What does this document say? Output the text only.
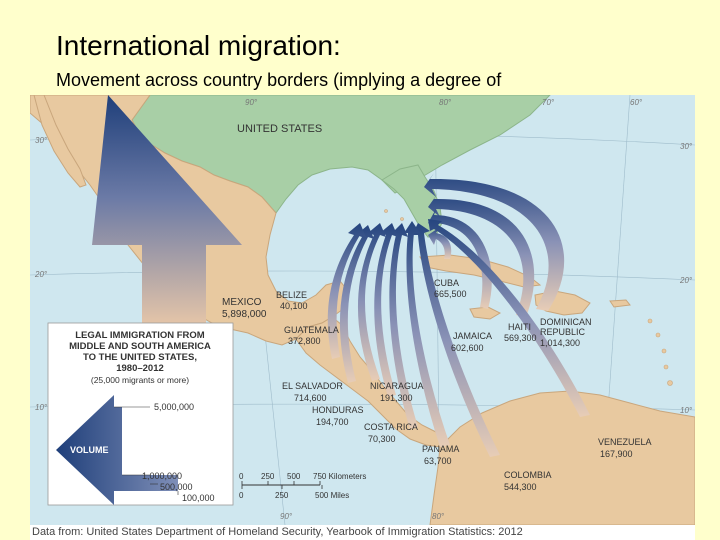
International migration:
Movement across country borders (implying a degree of
UNITED STATES
MEXICO
5,898,000
BELIZE
40,100
CUBA
665,500
HAITI
569,300
DOMINICAN REPUBLIC
1,014,300
JAMAICA
602,600
GUATEMALA
372,800
EL SALVADOR
714,600
NICARAGUA
191,300
HONDURAS
194,700 COSTA RICA
70,300
PANAMA
63,700
COLOMBIA
544,300
VENEZUELA
167,900
90°	80°	70°	60°
90°	80°
30°
20°
10°
30°
20°
10°
LEGAL IMMIGRATION FROM
MIDDLE AND SOUTH AMERICA
TO THE UNITED STATES,
1980–2012
(25,000 migrants or more)
VOLUME
5,000,000
1,000,000
500,000
100,000
0 250 500 750 Kilometers
0	250	500 Miles
Data from: United States Department of Homeland Security, Yearbook of Immigration Statistics: 2012
